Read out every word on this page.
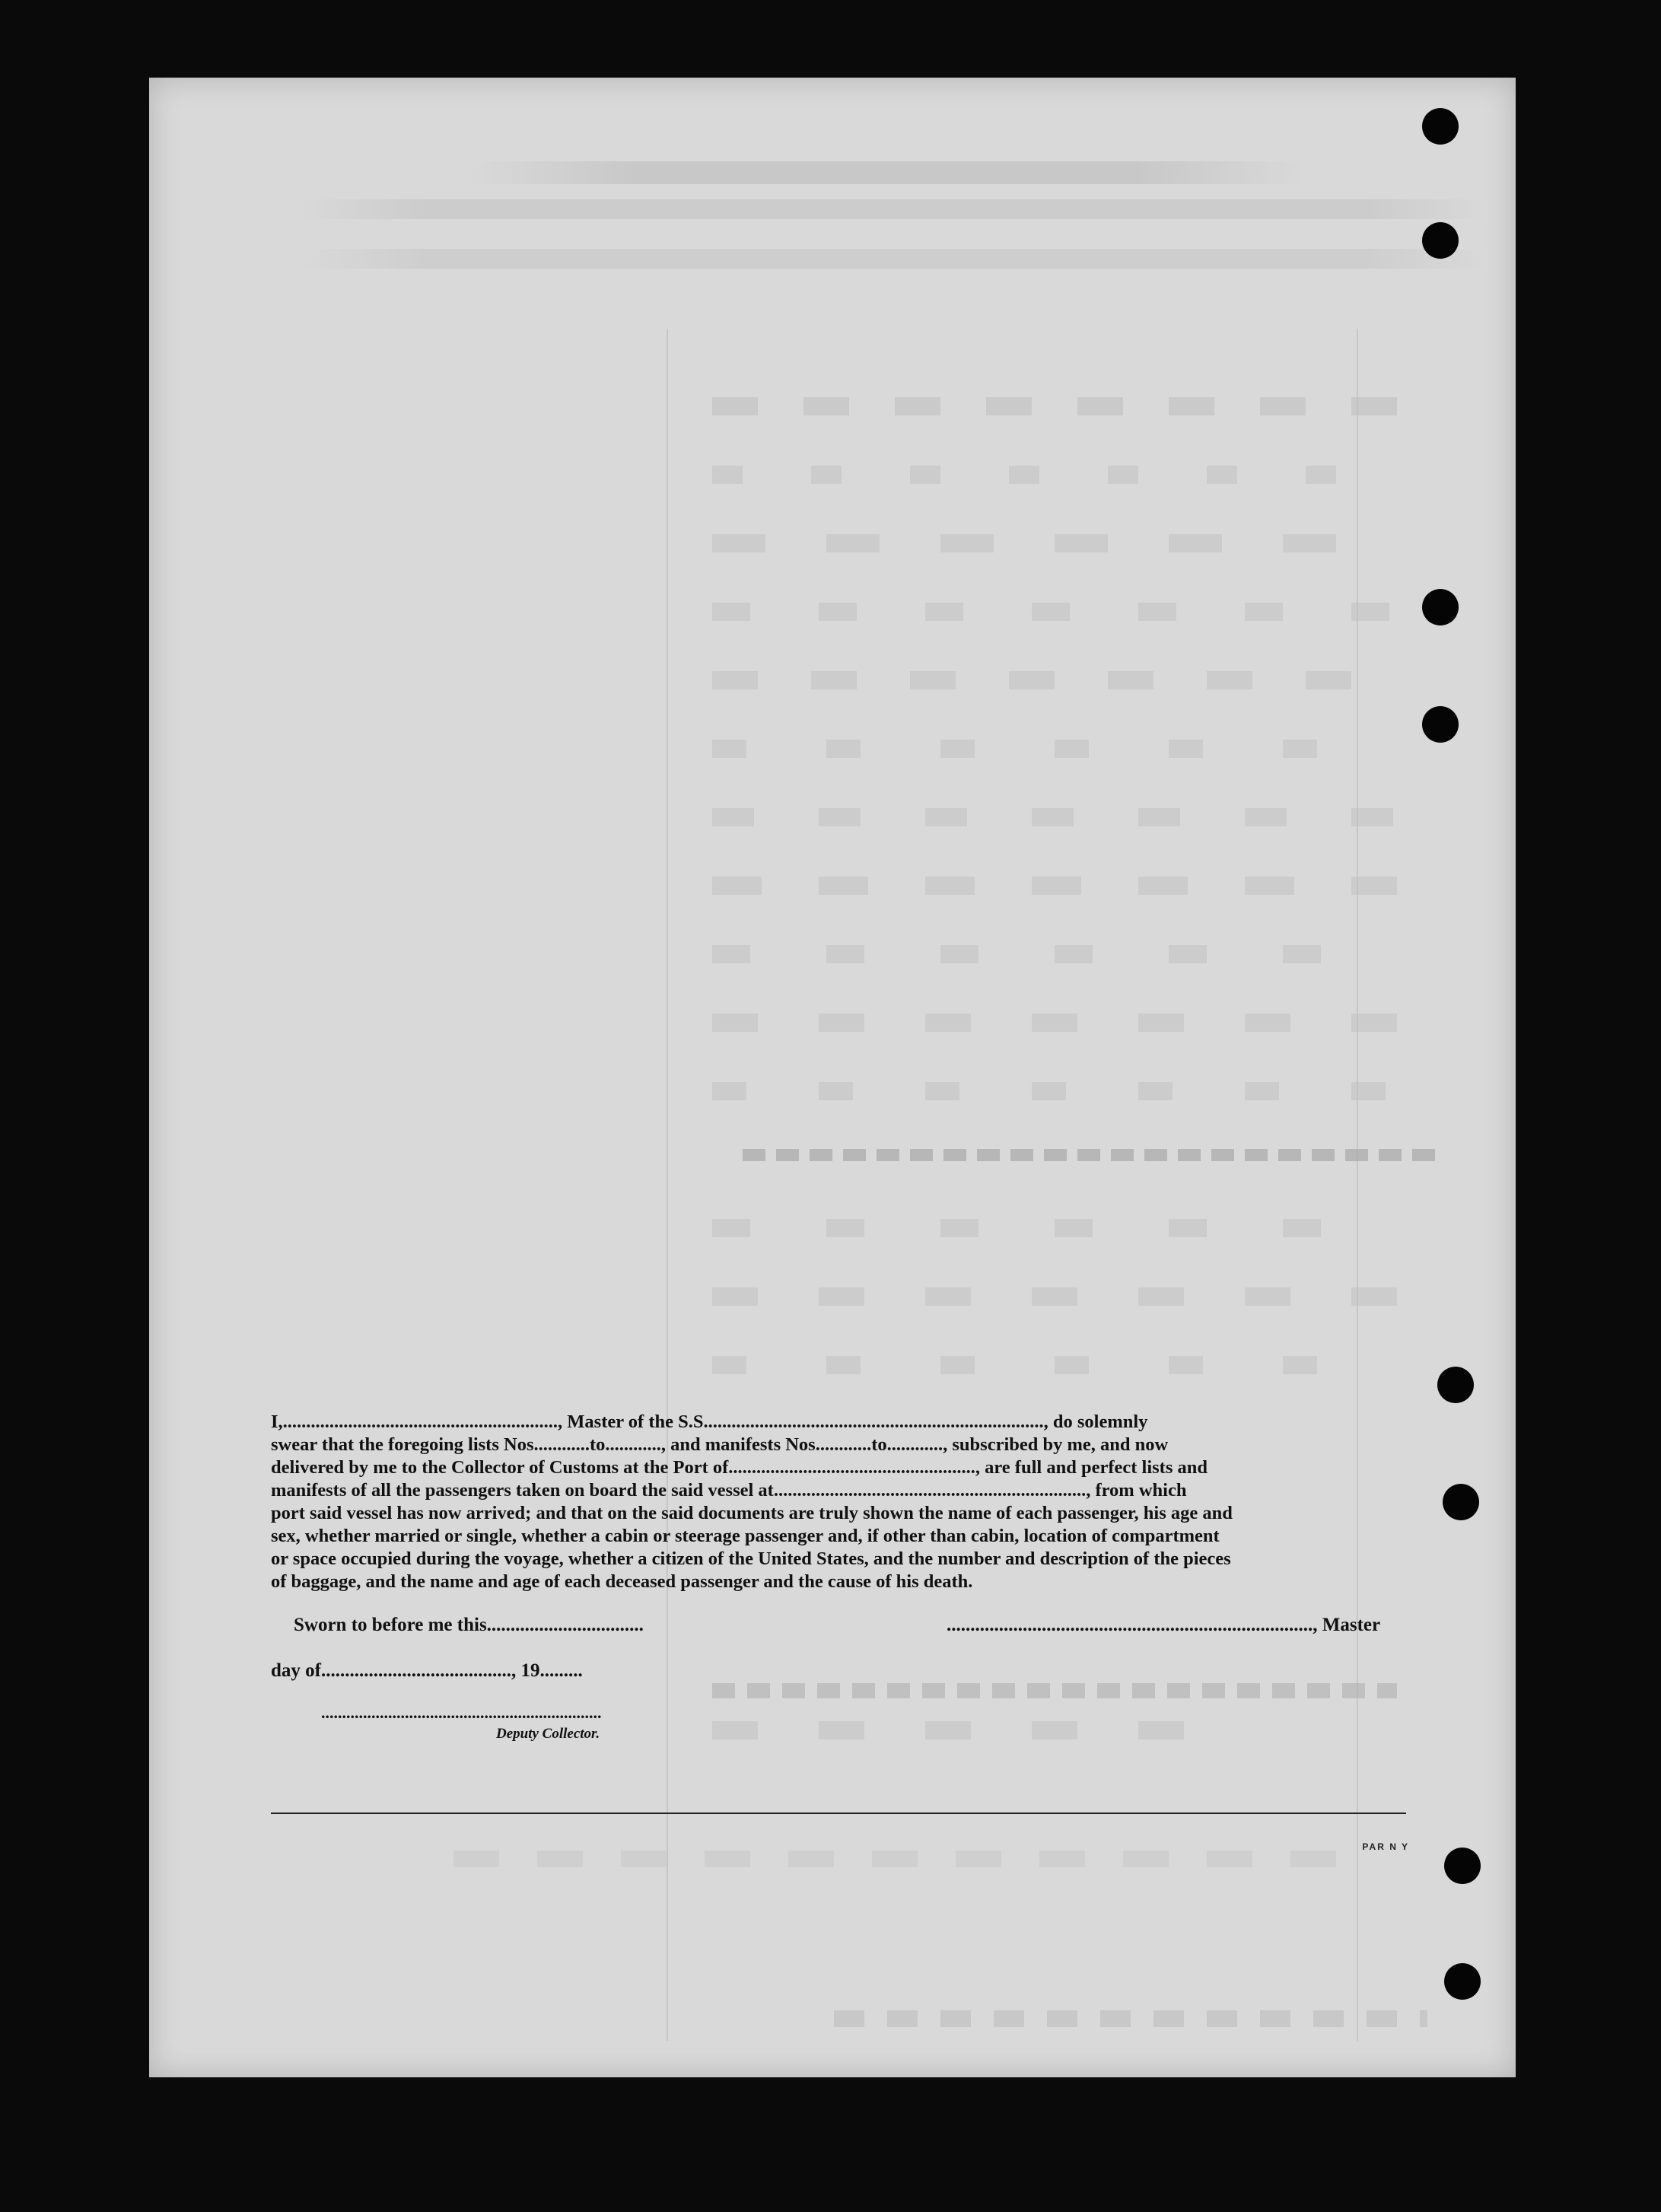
I,..........................................................., Master of the S.S........................................................................., do solemnly

swear that the foregoing lists Nos............to............, and manifests Nos............to............, subscribed by me, and now

delivered by me to the Collector of Customs at the Port of....................................................., are full and perfect lists and

manifests of all the passengers taken on board the said vessel at..................................................................., from which

port said vessel has now arrived; and that on the said documents are truly shown the name of each passenger, his age and

sex, whether married or single, whether a cabin or steerage passenger and, if other than cabin, location of compartment

or space occupied during the voyage, whether a citizen of the United States, and the number and description of the pieces

of baggage, and the name and age of each deceased passenger and the cause of his death.

Sworn to before me this.................................	............................................................................., Master
day of........................................, 19.........
...................................................................
Deputy Collector.
PAR N Y
